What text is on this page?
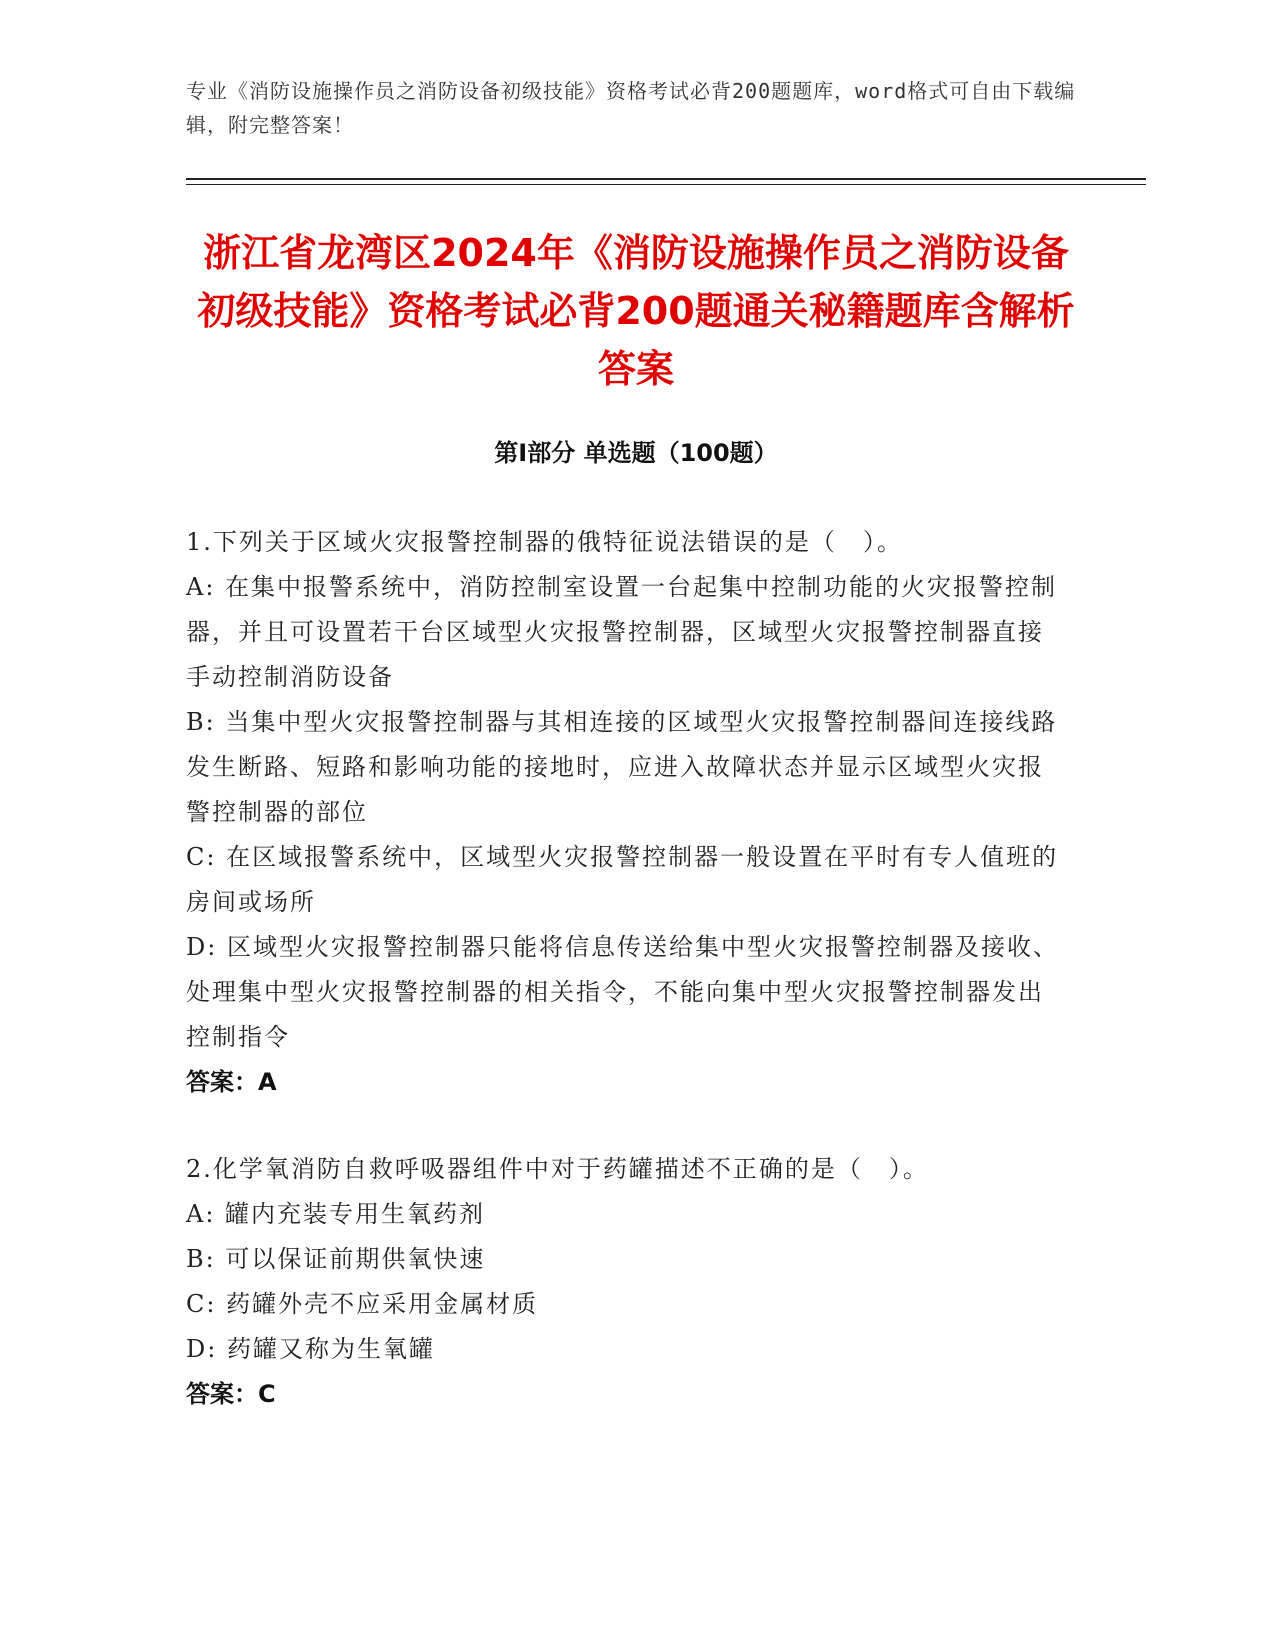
专业《消防设施操作员之消防设备初级技能》资格考试必背200题题库，word格式可自由下载编辑，附完整答案！
浙江省龙湾区2024年《消防设施操作员之消防设备初级技能》资格考试必背200题通关秘籍题库含解析答案
第I部分 单选题（100题）

1.下列关于区域火灾报警控制器的俄特征说法错误的是（　）。

A: 在集中报警系统中，消防控制室设置一台起集中控制功能的火灾报警控制器，并且可设置若干台区域型火灾报警控制器，区域型火灾报警控制器直接手动控制消防设备

B: 当集中型火灾报警控制器与其相连接的区域型火灾报警控制器间连接线路发生断路、短路和影响功能的接地时，应进入故障状态并显示区域型火灾报警控制器的部位

C: 在区域报警系统中，区域型火灾报警控制器一般设置在平时有专人值班的房间或场所

D: 区域型火灾报警控制器只能将信息传送给集中型火灾报警控制器及接收、处理集中型火灾报警控制器的相关指令，不能向集中型火灾报警控制器发出控制指令

答案：A

2.化学氧消防自救呼吸器组件中对于药罐描述不正确的是（　）。

A: 罐内充装专用生氧药剂

B: 可以保证前期供氧快速

C: 药罐外壳不应采用金属材质

D: 药罐又称为生氧罐

答案：C
